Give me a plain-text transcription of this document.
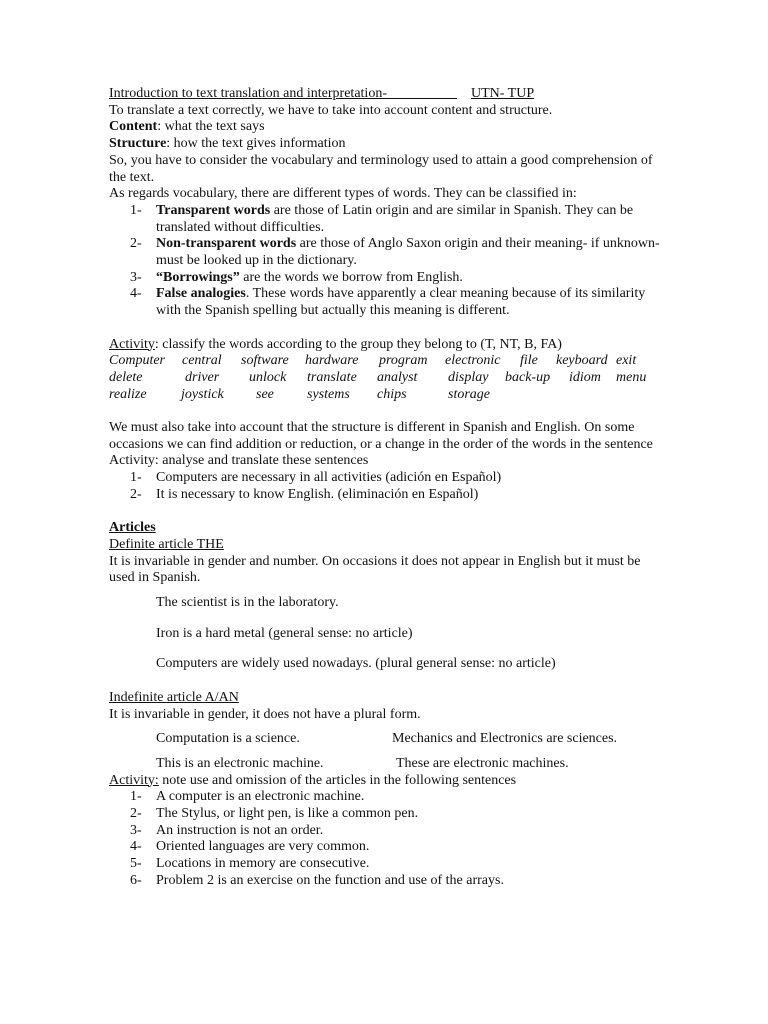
Introduction to text translation and interpretation-	UTN- TUP

To translate a text correctly, we have to take into account content and structure.

Content: what the text says

Structure: how the text gives information

So, you have to consider the vocabulary and terminology used to attain a good comprehension of the text.

As regards vocabulary, there are different types of words. They can be classified in:

1-	Transparent words are those of Latin origin and are similar in Spanish. They can be translated without difficulties.
2-	Non-transparent words are those of Anglo Saxon origin and their meaning- if unknown- must be looked up in the dictionary.
3-	“Borrowings” are the words we borrow from English.
4-	False analogies. These words have apparently a clear meaning because of its similarity with the Spanish spelling but actually this meaning is different.

Activity: classify the words according to the group they belong to (T, NT, B, FA)

Computer	central	software	hardware	program	electronic	file	keyboard exit
delete	driver	unlock	translate	analyst	display	back-up	idiom	menu
realize	joystick	see	systems	chips	storage

We must also take into account that the structure is different in Spanish and English. On some occasions we can find addition or reduction, or a change in the order of the words in the sentence

Activity: analyse and translate these sentences

1-	Computers are necessary in all activities (adición en Español)
2-	It is necessary to know English. (eliminación en Español)

Articles

Definite article THE

It is invariable in gender and number. On occasions it does not appear in English but it must be used in Spanish.

The scientist is in the laboratory.

Iron is a hard metal (general sense: no article)

Computers are widely used nowadays. (plural general sense: no article)

Indefinite article A/AN

It is invariable in gender, it does not have a plural form.

Computation is a science.	Mechanics and Electronics are sciences.
This is an electronic machine.	These are electronic machines.

Activity: note use and omission of the articles in the following sentences

1-	A computer is an electronic machine.
2-	The Stylus, or light pen, is like a common pen.
3-	An instruction is not an order.
4-	Oriented languages are very common.
5-	Locations in memory are consecutive.
6-	Problem 2 is an exercise on the function and use of the arrays.
